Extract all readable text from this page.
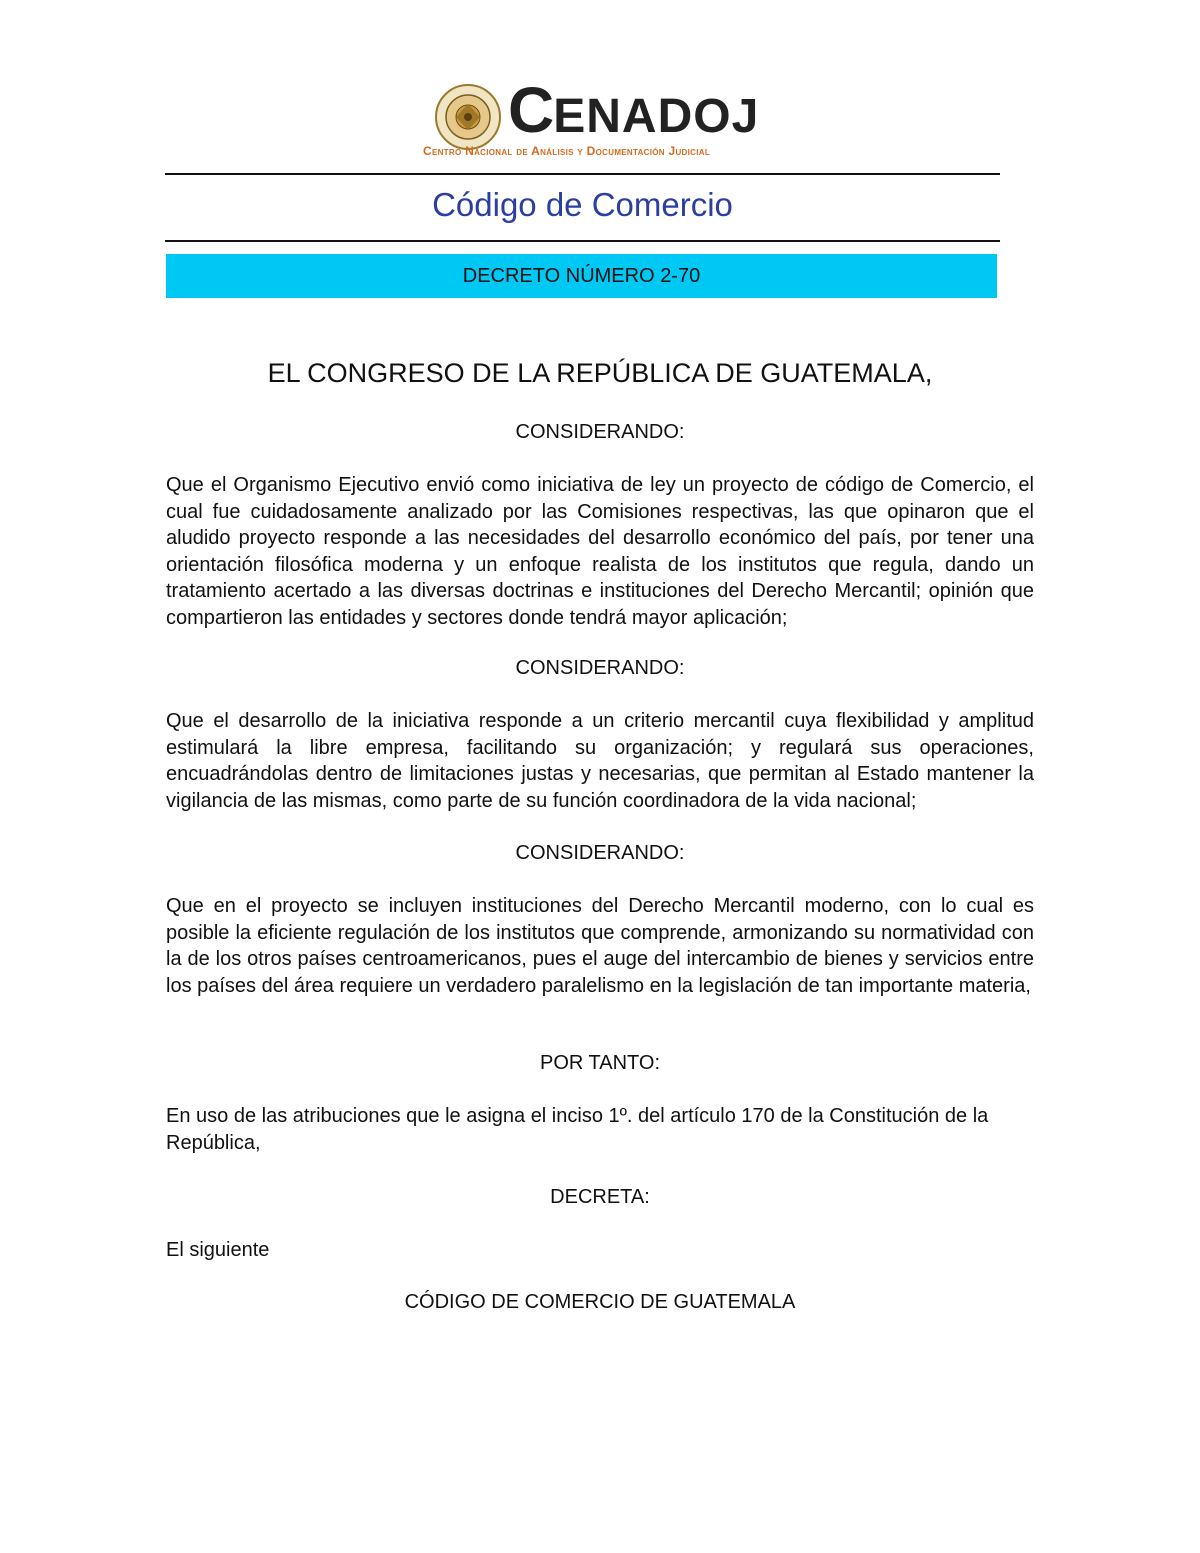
CENADOJ
Centro Nacional de Análisis y Documentación Judicial
Código de Comercio
DECRETO NÚMERO 2-70
EL CONGRESO DE LA REPÚBLICA DE GUATEMALA,
CONSIDERANDO:
Que el Organismo Ejecutivo envió como iniciativa de ley un proyecto de código de Comercio, el cual fue cuidadosamente analizado por las Comisiones respectivas, las que opinaron que el aludido proyecto responde a las necesidades del desarrollo económico del país, por tener una orientación filosófica moderna y un enfoque realista de los institutos que regula, dando un tratamiento acertado a las diversas doctrinas e instituciones del Derecho Mercantil; opinión que compartieron las entidades y sectores donde tendrá mayor aplicación;
CONSIDERANDO:
Que el desarrollo de la iniciativa responde a un criterio mercantil cuya flexibilidad y amplitud estimulará la libre empresa, facilitando su organización; y regulará sus operaciones, encuadrándolas dentro de limitaciones justas y necesarias, que permitan al Estado mantener la vigilancia de las mismas, como parte de su función coordinadora de la vida nacional;
CONSIDERANDO:
Que en el proyecto se incluyen instituciones del Derecho Mercantil moderno, con lo cual es posible la eficiente regulación de los institutos que comprende, armonizando su normatividad con la de los otros países centroamericanos, pues el auge del intercambio de bienes y servicios entre los países del área requiere un verdadero paralelismo en la legislación de tan importante materia,
POR TANTO:
En uso de las atribuciones que le asigna el inciso 1º. del artículo 170 de la Constitución de la República,
DECRETA:
El siguiente
CÓDIGO DE COMERCIO DE GUATEMALA
